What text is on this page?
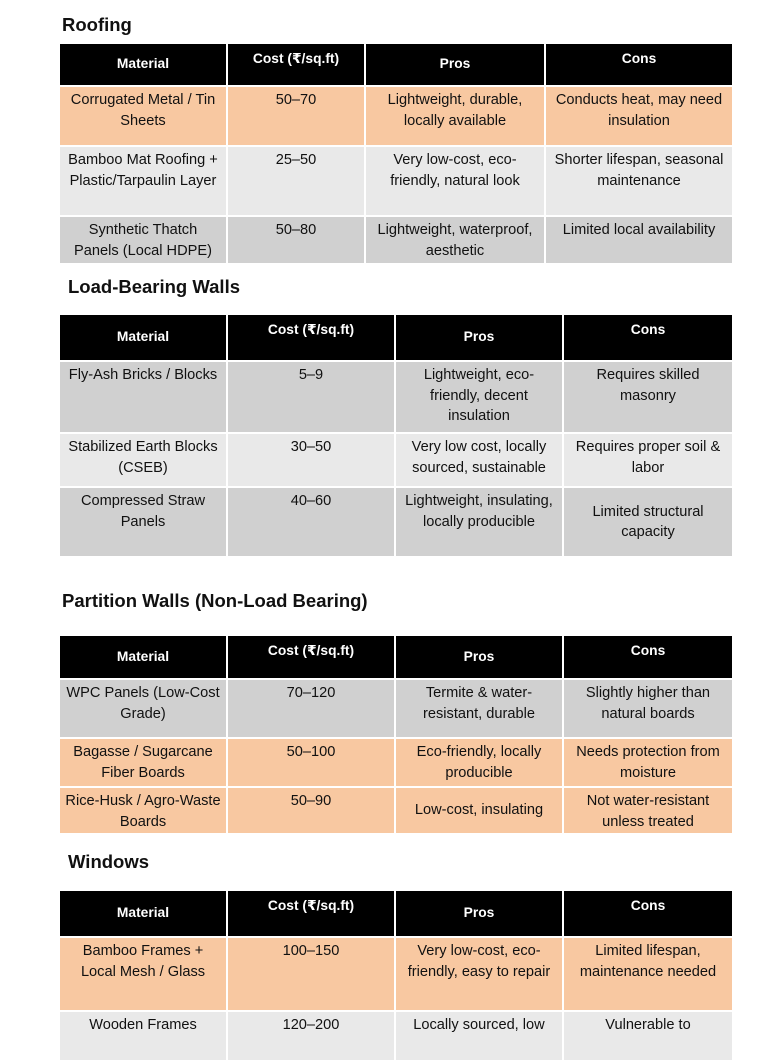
Roofing
Material	Cost (₹/sq.ft)	Pros	Cons
Corrugated Metal / Tin Sheets	50–70	Lightweight, durable, locally available	Conducts heat, may need insulation
Bamboo Mat Roofing + Plastic/Tarpaulin Layer	25–50	Very low-cost, eco-friendly, natural look	Shorter lifespan, seasonal maintenance
Synthetic Thatch Panels (Local HDPE)	50–80	Lightweight, waterproof, aesthetic	Limited local availability
Load-Bearing Walls
Material	Cost (₹/sq.ft)	Pros	Cons
Fly-Ash Bricks / Blocks	5–9	Lightweight, eco-friendly, decent insulation	Requires skilled masonry
Stabilized Earth Blocks (CSEB)	30–50	Very low cost, locally sourced, sustainable	Requires proper soil & labor
Compressed Straw Panels	40–60	Lightweight, insulating, locally producible	Limited structural capacity
Partition Walls (Non-Load Bearing)
Material	Cost (₹/sq.ft)	Pros	Cons
WPC Panels (Low-Cost Grade)	70–120	Termite & water-resistant, durable	Slightly higher than natural boards
Bagasse / Sugarcane Fiber Boards	50–100	Eco-friendly, locally producible	Needs protection from moisture
Rice-Husk / Agro-Waste Boards	50–90	Low-cost, insulating	Not water-resistant unless treated
Windows
Material	Cost (₹/sq.ft)	Pros	Cons
Bamboo Frames + Local Mesh / Glass	100–150	Very low-cost, eco-friendly, easy to repair	Limited lifespan, maintenance needed
Wooden Frames	120–200	Locally sourced, low	Vulnerable to
